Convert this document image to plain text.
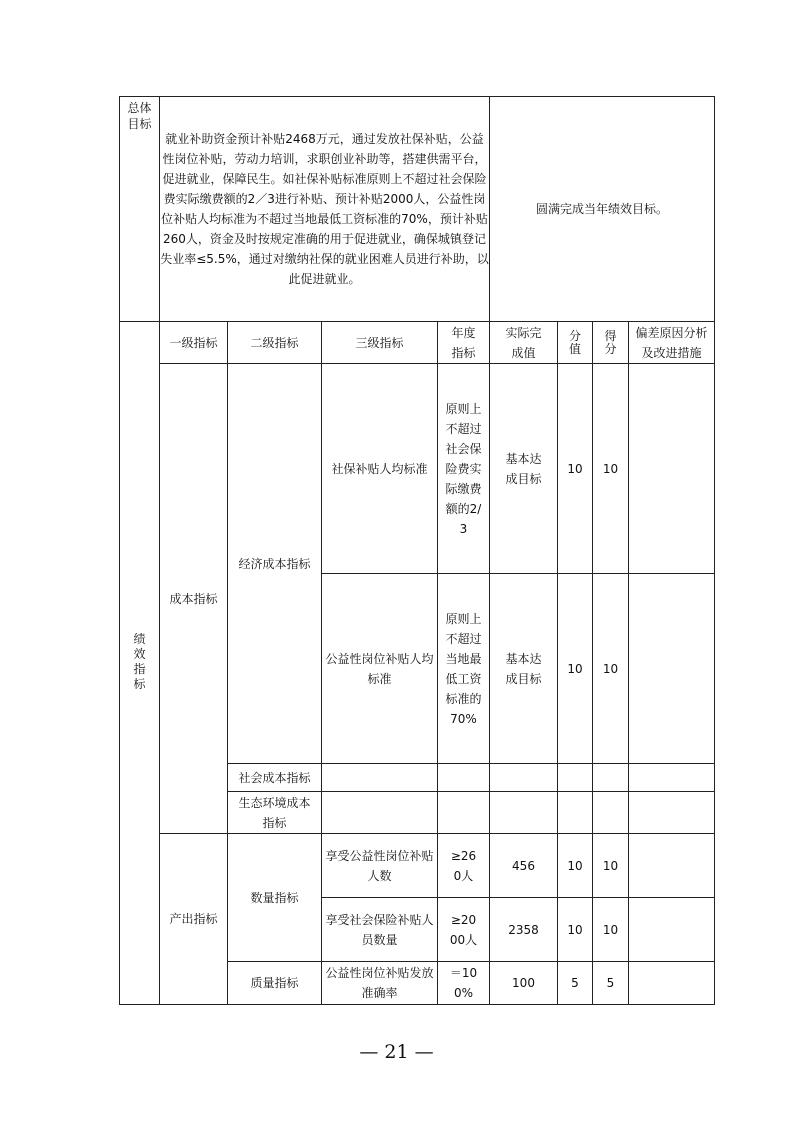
总体目标	就业补助资金预计补贴2468万元，通过发放社保补贴，公益性岗位补贴，劳动力培训，求职创业补助等，搭建供需平台，促进就业，保障民生。如社保补贴标准原则上不超过社会保险费实际缴费额的2／3进行补贴、预计补贴2000人，公益性岗位补贴人均标准为不超过当地最低工资标准的70%，预计补贴260人，资金及时按规定准确的用于促进就业，确保城镇登记失业率≤5.5%，通过对缴纳社保的就业困难人员进行补助，以此促进就业。				圆满完成当年绩效目标。			
绩效指标	一级指标	二级指标	三级指标	年度指标	实际完成值	分值	得分	偏差原因分析及改进措施

	成本指标	经济成本指标	社保补贴人均标准	原则上不超过社会保险费实际缴费额的2/3	基本达成目标	10	10	
			公益性岗位补贴人均标准	原则上不超过当地最低工资标准的70%	基本达成目标	10	10	
		社会成本指标						

		生态环境成本指标						

	产出指标	数量指标	享受公益性岗位补贴人数	≥260人	456	10	10	
			享受社会保险补贴人员数量	≥2000人	2358	10	10	
		质量指标	公益性岗位补贴发放准确率	＝100%	100	5	5	
— 21 —
